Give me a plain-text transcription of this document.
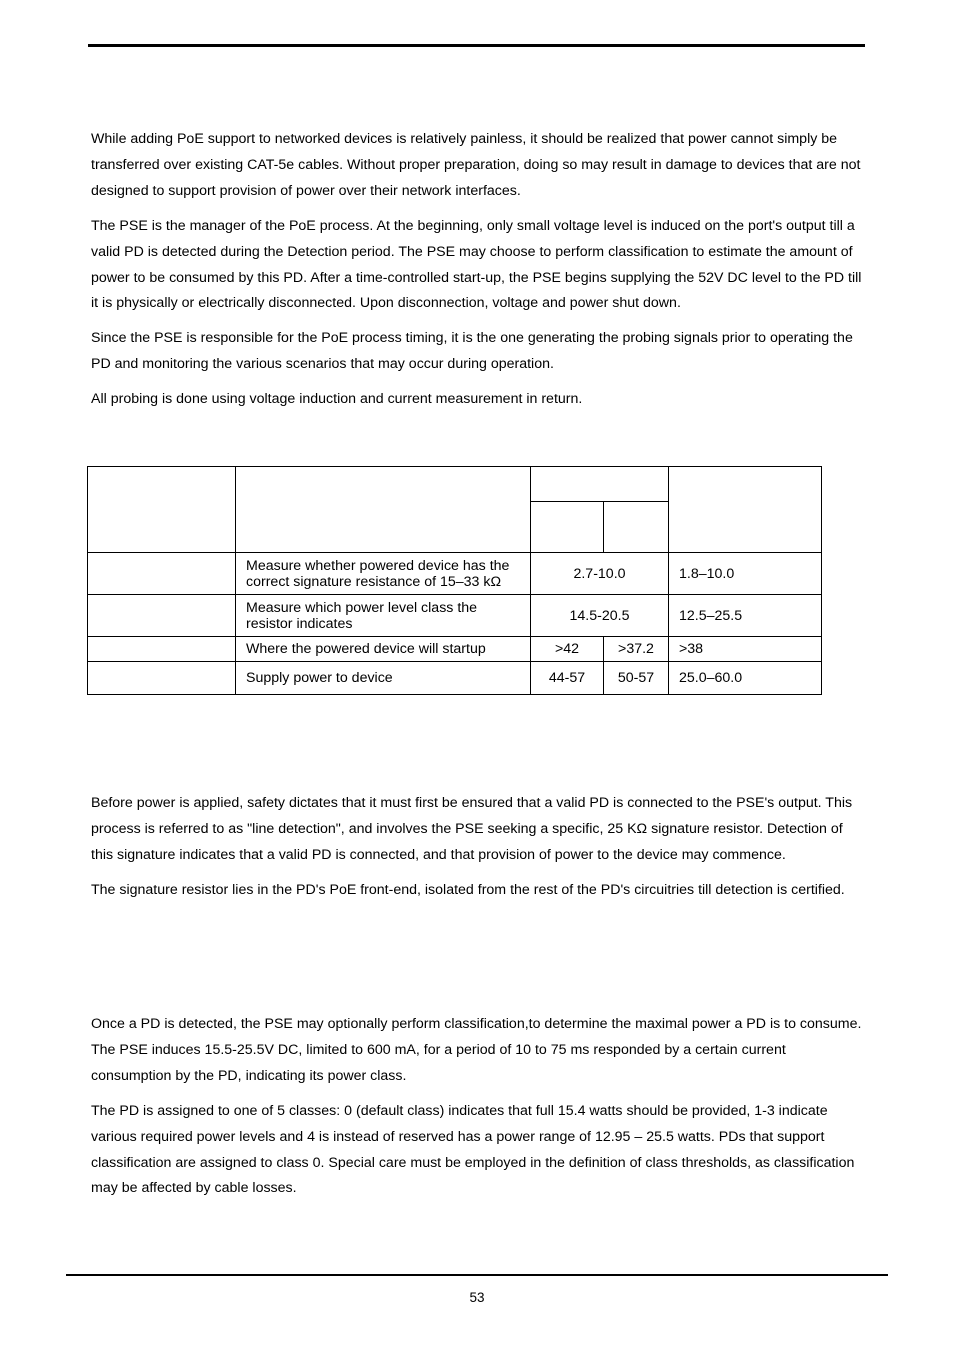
While adding PoE support to networked devices is relatively painless, it should be realized that power cannot simply be transferred over existing CAT-5e cables. Without proper preparation, doing so may result in damage to devices that are not designed to support provision of power over their network interfaces.

The PSE is the manager of the PoE process. At the beginning, only small voltage level is induced on the port's output till a valid PD is detected during the Detection period. The PSE may choose to perform classification to estimate the amount of power to be consumed by this PD. After a time-controlled start-up, the PSE begins supplying the 52V DC level to the PD till it is physically or electrically disconnected. Upon disconnection, voltage and power shut down.

Since the PSE is responsible for the PoE process timing, it is the one generating the probing signals prior to operating the PD and monitoring the various scenarios that may occur during operation.

All probing is done using voltage induction and current measurement in return.

	Measure whether powered device has the correct signature resistance of 15–33 kΩ	2.7-10.0		1.8–10.0
	Measure which power level class the resistor indicates	14.5-20.5		12.5–25.5
	Where the powered device will startup	>42	>37.2	>38
	Supply power to device	44-57	50-57	25.0–60.0

Before power is applied, safety dictates that it must first be ensured that a valid PD is connected to the PSE's output. This process is referred to as "line detection", and involves the PSE seeking a specific, 25 KΩ signature resistor. Detection of this signature indicates that a valid PD is connected, and that provision of power to the device may commence.

The signature resistor lies in the PD's PoE front-end, isolated from the rest of the PD's circuitries till detection is certified.

Once a PD is detected, the PSE may optionally perform classification,to determine the maximal power a PD is to consume. The PSE induces 15.5-25.5V DC, limited to 600 mA, for a period of 10 to 75 ms responded by a certain current consumption by the PD, indicating its power class.

The PD is assigned to one of 5 classes: 0 (default class) indicates that full 15.4 watts should be provided, 1-3 indicate various required power levels and 4 is instead of reserved has a power range of 12.95 – 25.5 watts. PDs that support classification are assigned to class 0. Special care must be employed in the definition of class thresholds, as classification may be affected by cable losses.

53
